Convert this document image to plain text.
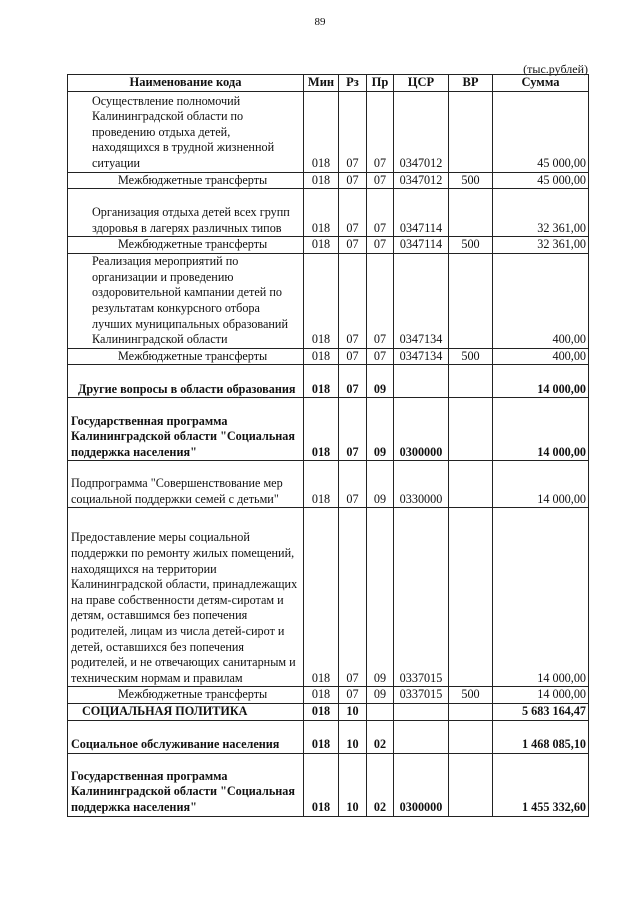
89
(тыс.рублей)
Наименование кода	Мин	Рз	Пр	ЦСР	ВР	Сумма
Осуществление полномочий Калининградской области по проведению отдыха детей, находящихся в трудной жизненной ситуации	018	07	07	0347012		45 000,00
Межбюджетные трансферты	018	07	07	0347012	500	45 000,00
Организация отдыха детей всех групп здоровья в лагерях различных типов	018	07	07	0347114		32 361,00
Межбюджетные трансферты	018	07	07	0347114	500	32 361,00
Реализация мероприятий по организации и проведению оздоровительной кампании детей по результатам конкурсного отбора лучших муниципальных образований Калининградской области	018	07	07	0347134		400,00
Межбюджетные трансферты	018	07	07	0347134	500	400,00
Другие вопросы в области образования	018	07	09			14 000,00
Государственная программа Калининградской области "Социальная поддержка населения"	018	07	09	0300000		14 000,00
Подпрограмма "Совершенствование мер социальной поддержки семей с детьми"	018	07	09	0330000		14 000,00
Предоставление меры социальной поддержки по ремонту жилых помещений, находящихся на территории Калининградской области, принадлежащих на праве собственности детям-сиротам и детям, оставшимся без попечения родителей, лицам из числа детей-сирот и детей, оставшихся без попечения родителей, и не отвечающих санитарным и техническим нормам и правилам	018	07	09	0337015		14 000,00
Межбюджетные трансферты	018	07	09	0337015	500	14 000,00
СОЦИАЛЬНАЯ ПОЛИТИКА	018	10				5 683 164,47
Социальное обслуживание населения	018	10	02			1 468 085,10
Государственная программа Калининградской области "Социальная поддержка населения"	018	10	02	0300000		1 455 332,60
